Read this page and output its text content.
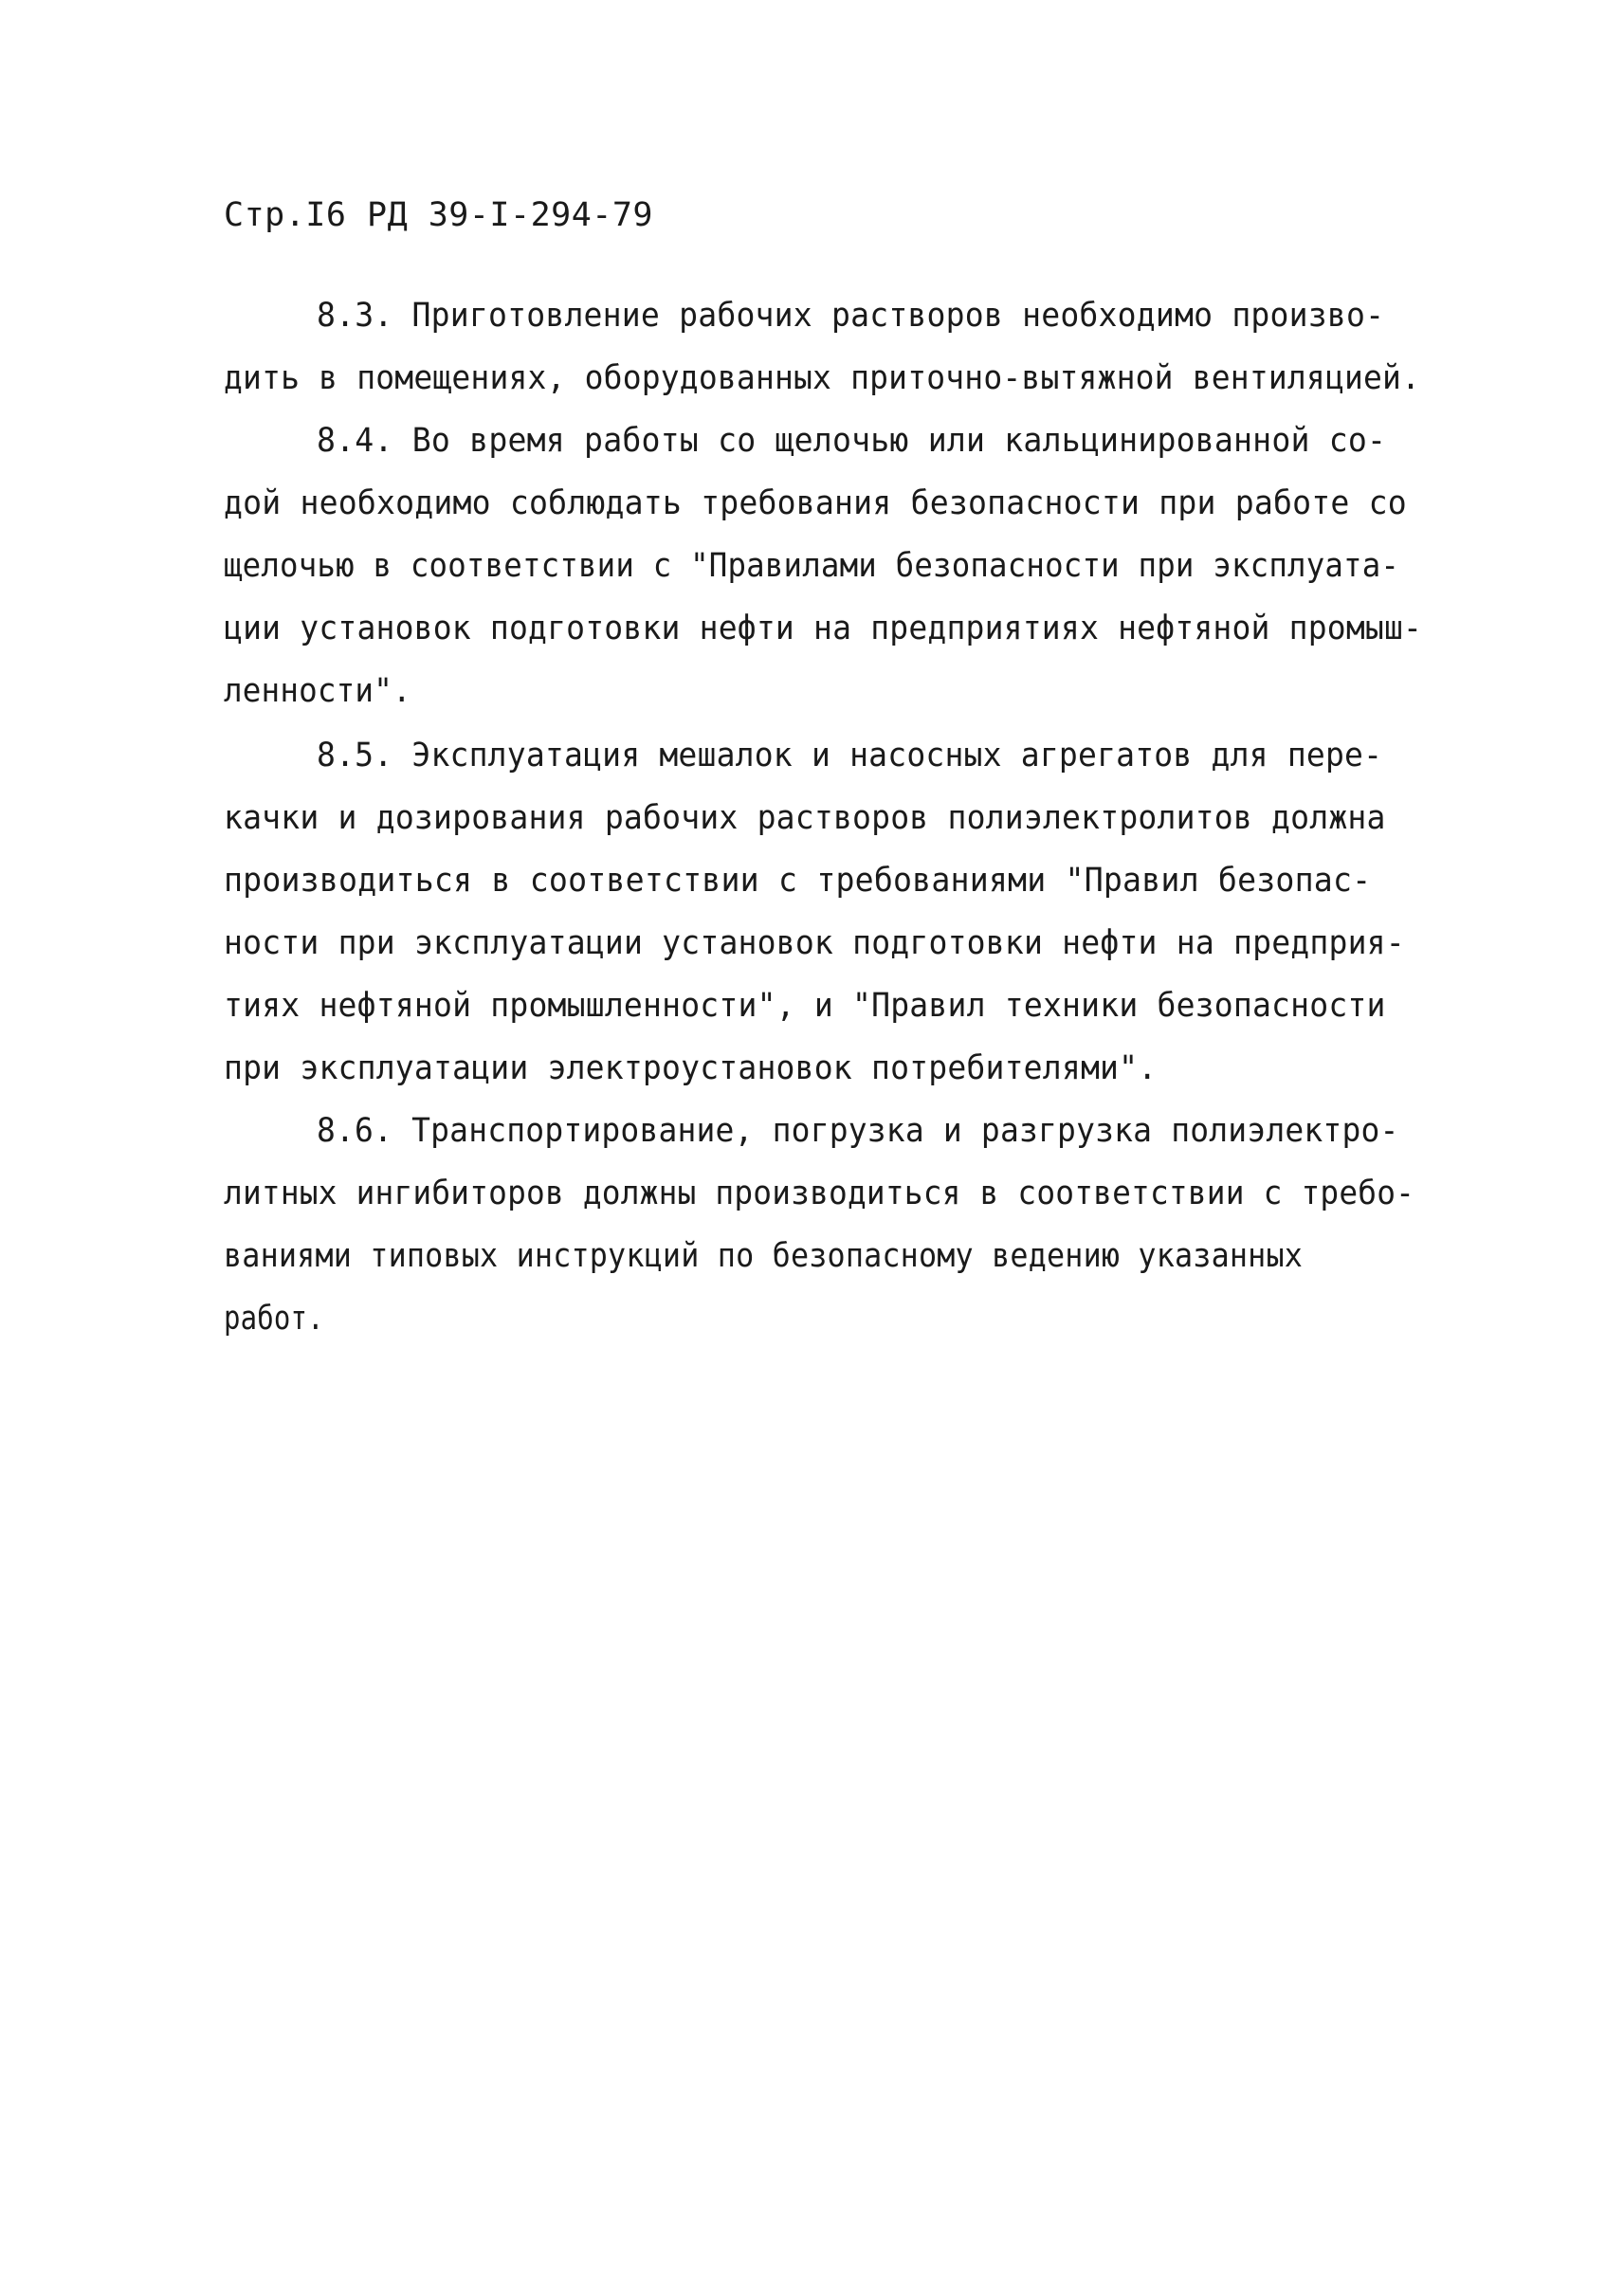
Стр.I6 РД 39-I-294-79
8.3. Приготовление рабочих растворов необходимо произво-
дить в помещениях, оборудованных приточно-вытяжной вентиляцией.
8.4. Во время работы со щелочью или кальцинированной со-
дой необходимо соблюдать требования безопасности при работе со
щелочью в соответствии с "Правилами безопасности при эксплуата-
ции установок подготовки нефти на предприятиях нефтяной промыш-
ленности".
8.5. Эксплуатация мешалок и насосных агрегатов для пере-
качки и дозирования рабочих растворов полиэлектролитов должна
производиться в соответствии с требованиями "Правил безопас-
ности при эксплуатации установок подготовки нефти на предприя-
тиях нефтяной промышленности", и "Правил техники безопасности
при эксплуатации электроустановок потребителями".
8.6. Транспортирование, погрузка и разгрузка полиэлектро-
литных ингибиторов должны производиться в соответствии с требо-
ваниями типовых инструкций по безопасному ведению указанных
работ.
